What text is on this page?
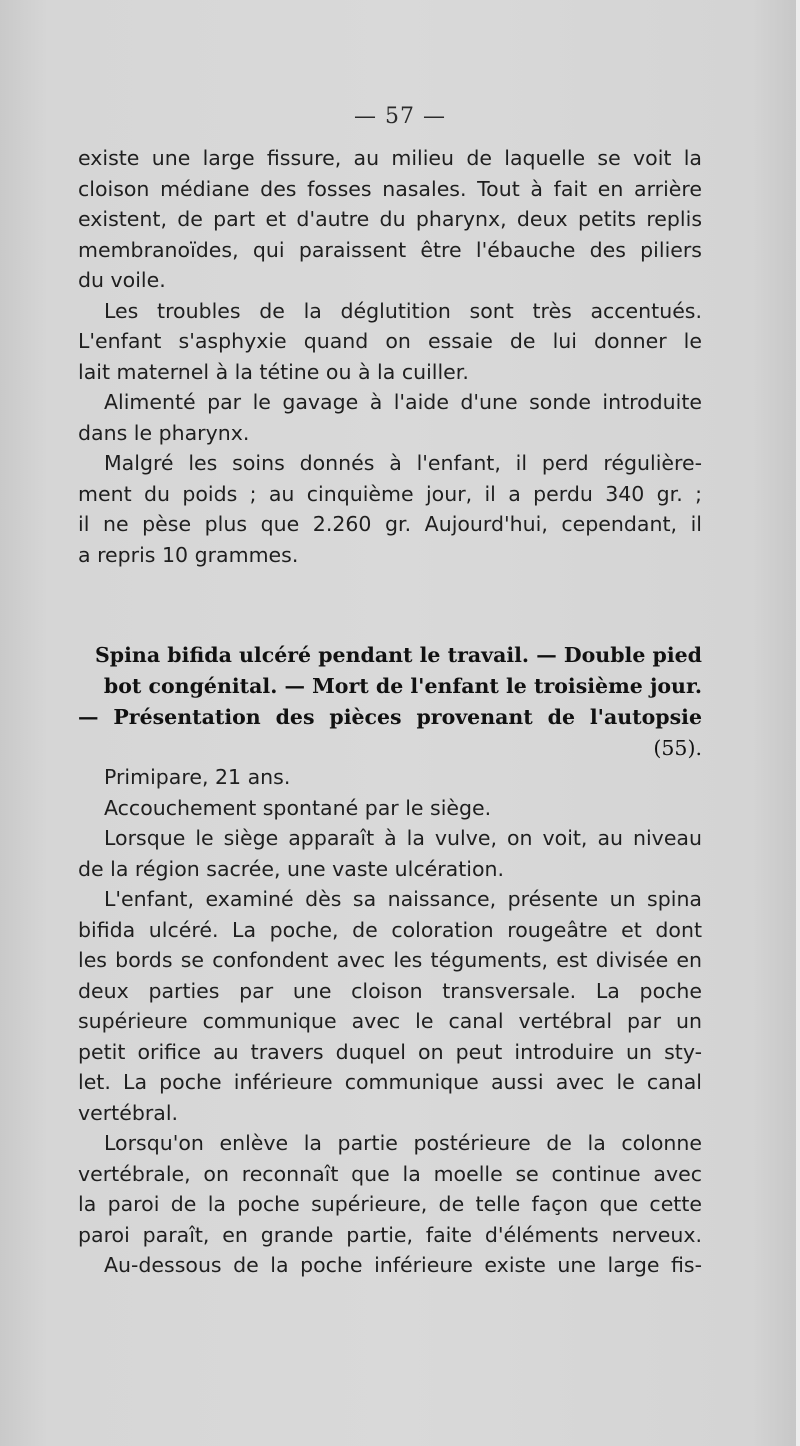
— 57 —
existe une large fissure, au milieu de laquelle se voit la
cloison médiane des fosses nasales. Tout à fait en arrière
existent, de part et d'autre du pharynx, deux petits replis
membranoïdes, qui paraissent être l'ébauche des piliers
du voile.
Les troubles de la déglutition sont très accentués.
L'enfant s'asphyxie quand on essaie de lui donner le
lait maternel à la tétine ou à la cuiller.
Alimenté par le gavage à l'aide d'une sonde introduite
dans le pharynx.
Malgré les soins donnés à l'enfant, il perd régulière-
ment du poids ; au cinquième jour, il a perdu 340 gr. ;
il ne pèse plus que 2.260 gr. Aujourd'hui, cependant, il
a repris 10 grammes.
Spina bifida ulcéré pendant le travail. — Double pied
bot congénital. — Mort de l'enfant le troisième jour.
— Présentation des pièces provenant de l'autopsie (55).
Primipare, 21 ans.
Accouchement spontané par le siège.
Lorsque le siège apparaît à la vulve, on voit, au niveau
de la région sacrée, une vaste ulcération.
L'enfant, examiné dès sa naissance, présente un spina
bifida ulcéré. La poche, de coloration rougeâtre et dont
les bords se confondent avec les téguments, est divisée en
deux parties par une cloison transversale. La poche
supérieure communique avec le canal vertébral par un
petit orifice au travers duquel on peut introduire un sty-
let. La poche inférieure communique aussi avec le canal
vertébral.
Lorsqu'on enlève la partie postérieure de la colonne
vertébrale, on reconnaît que la moelle se continue avec
la paroi de la poche supérieure, de telle façon que cette
paroi paraît, en grande partie, faite d'éléments nerveux.
Au-dessous de la poche inférieure existe une large fis-
